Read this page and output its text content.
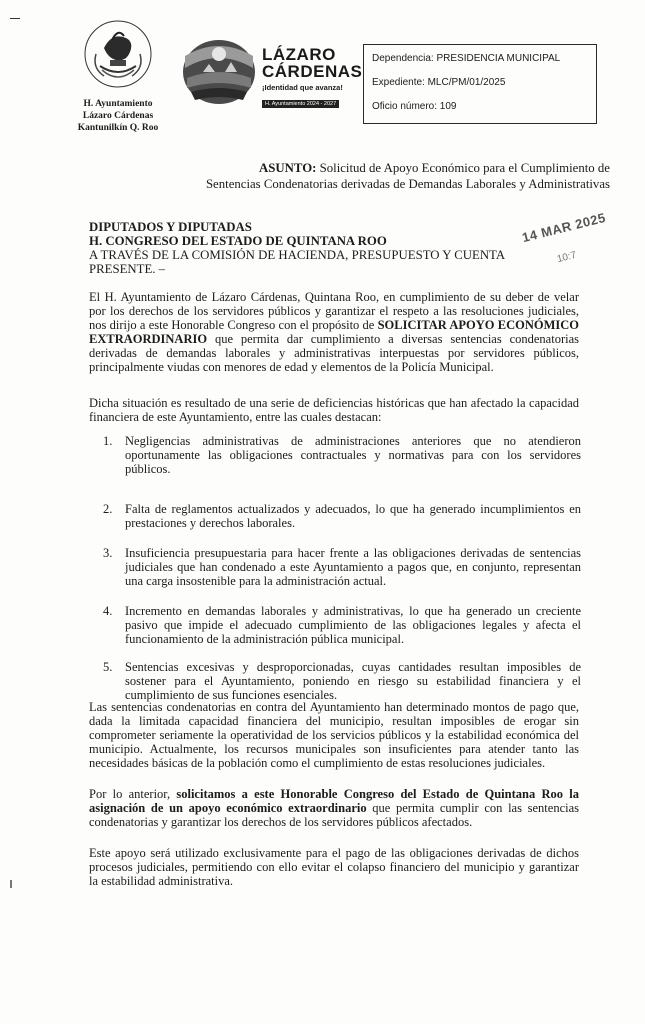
H. Ayuntamiento
Lázaro Cárdenas
Kantunilkín Q. Roo
LÁZARO
CÁRDENAS
¡Identidad que avanza!
H. Ayuntamiento 2024 - 2027
Dependencia: PRESIDENCIA MUNICIPAL
Expediente: MLC/PM/01/2025
Oficio número: 109
ASUNTO: Solicitud de Apoyo Económico para el Cumplimiento de
Sentencias Condenatorias derivadas de Demandas Laborales y Administrativas
DIPUTADOS Y DIPUTADAS
H. CONGRESO DEL ESTADO DE QUINTANA ROO
A TRAVÉS DE LA COMISIÓN DE HACIENDA, PRESUPUESTO Y CUENTA
PRESENTE. –
14 MAR 2025
10:7
El H. Ayuntamiento de Lázaro Cárdenas, Quintana Roo, en cumplimiento de su deber de velar por los derechos de los servidores públicos y garantizar el respeto a las resoluciones judiciales, nos dirijo a este Honorable Congreso con el propósito de SOLICITAR APOYO ECONÓMICO EXTRAORDINARIO que permita dar cumplimiento a diversas sentencias condenatorias derivadas de demandas laborales y administrativas interpuestas por servidores públicos, principalmente viudas con menores de edad y elementos de la Policía Municipal.
Dicha situación es resultado de una serie de deficiencias históricas que han afectado la capacidad financiera de este Ayuntamiento, entre las cuales destacan:
1.	Negligencias administrativas de administraciones anteriores que no atendieron oportunamente las obligaciones contractuales y normativas para con los servidores públicos.
2.	Falta de reglamentos actualizados y adecuados, lo que ha generado incumplimientos en prestaciones y derechos laborales.
3.	Insuficiencia presupuestaria para hacer frente a las obligaciones derivadas de sentencias judiciales que han condenado a este Ayuntamiento a pagos que, en conjunto, representan una carga insostenible para la administración actual.
4.	Incremento en demandas laborales y administrativas, lo que ha generado un creciente pasivo que impide el adecuado cumplimiento de las obligaciones legales y afecta el funcionamiento de la administración pública municipal.
5.	Sentencias excesivas y desproporcionadas, cuyas cantidades resultan imposibles de sostener para el Ayuntamiento, poniendo en riesgo su estabilidad financiera y el cumplimiento de sus funciones esenciales.
Las sentencias condenatorias en contra del Ayuntamiento han determinado montos de pago que, dada la limitada capacidad financiera del municipio, resultan imposibles de erogar sin comprometer seriamente la operatividad de los servicios públicos y la estabilidad económica del municipio. Actualmente, los recursos municipales son insuficientes para atender tanto las necesidades básicas de la población como el cumplimiento de estas resoluciones judiciales.
Por lo anterior, solicitamos a este Honorable Congreso del Estado de Quintana Roo la asignación de un apoyo económico extraordinario que permita cumplir con las sentencias condenatorias y garantizar los derechos de los servidores públicos afectados.
Este apoyo será utilizado exclusivamente para el pago de las obligaciones derivadas de dichos procesos judiciales, permitiendo con ello evitar el colapso financiero del municipio y garantizar la estabilidad administrativa.
